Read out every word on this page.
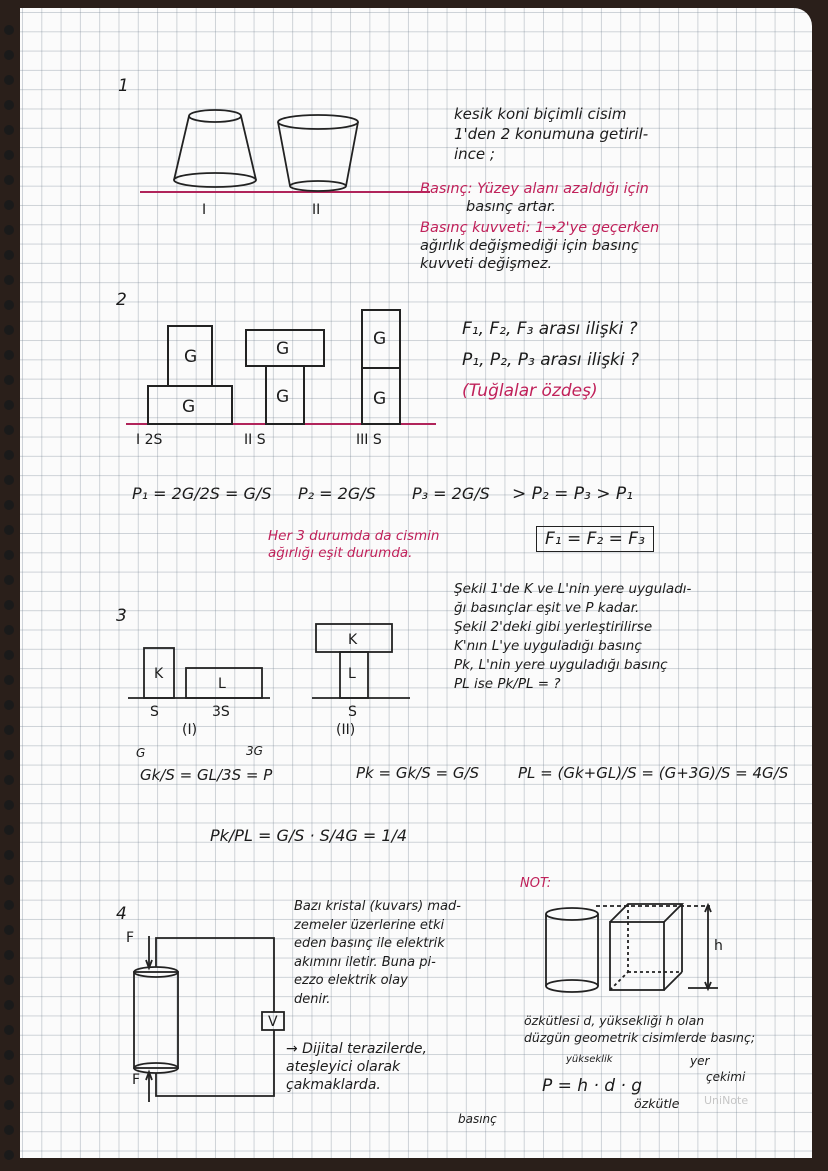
1
I	II
kesik koni biçimli cisim
1'den 2 konumuna getiril-
ince ;
Basınç: Yüzey alanı azaldığı için
basınç artar.
Basınç kuvveti: 1→2'ye geçerken
ağırlık değişmediği için basınç
kuvveti değişmez.
2
G
G
G
G
G
G
I 2S	II S	III S
F₁, F₂, F₃ arası ilişki ?
P₁, P₂, P₃ arası ilişki ?
(Tuğlalar özdeş)
P₁ = 2G/2S = G/S P₂ = 2G/S P₃ = 2G/S > P₂ = P₃ > P₁
Her 3 durumda da cismin
ağırlığı eşit durumda.
F₁ = F₂ = F₃
3
K
L
S	3S
(I)
K
L
S
(II)
Şekil 1'de K ve L'nin yere uyguladı-
ğı basınçlar eşit ve P kadar.
Şekil 2'deki gibi yerleştirilirse
K'nın L'ye uyguladığı basınç
Pk, L'nin yere uyguladığı basınç
PL ise Pk/PL = ?
G	3G
Gk/S = GL/3S = P	Pk = Gk/S = G/S	PL = (Gk+GL)/S = (G+3G)/S = 4G/S
Pk/PL = G/S · S/4G = 1/4
4
F
F
V
Bazı kristal (kuvars) mad-
zemeler üzerlerine etki
eden basınç ile elektrik
akımını iletir. Buna pi-
ezzo elektrik olay
denir.
→ Dijital terazilerde,
ateşleyici olarak
çakmaklarda.
basınç
NOT:
h
özkütlesi d, yüksekliği h olan
düzgün geometrik cisimlerde basınç;
yükseklik	yer
çekimi
P = h · d · g
özkütle UniNote
